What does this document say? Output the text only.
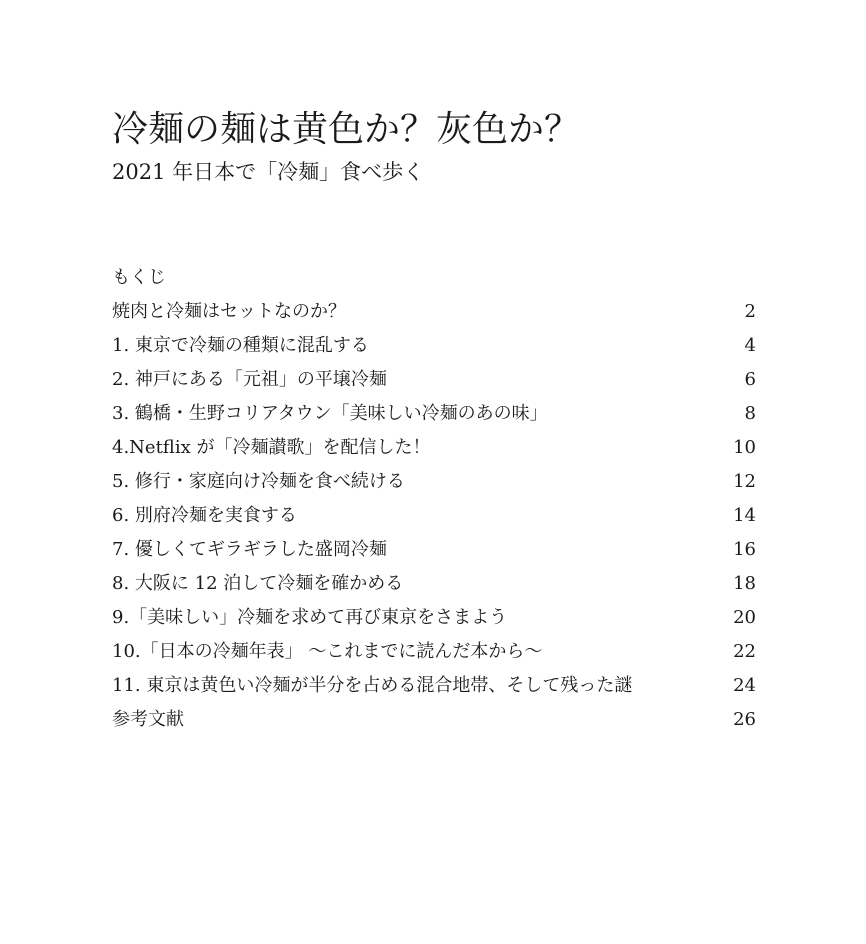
冷麺の麺は黄色か？灰色か？
2021 年日本で「冷麺」食べ歩く
もくじ
焼肉と冷麺はセットなのか？	2
1. 東京で冷麺の種類に混乱する	4
2. 神戸にある「元祖」の平壌冷麺	6
3. 鶴橋・生野コリアタウン「美味しい冷麺のあの味」	8
4.Netflix が「冷麺讃歌」を配信した！	10
5. 修行・家庭向け冷麺を食べ続ける	12
6. 別府冷麺を実食する	14
7. 優しくてギラギラした盛岡冷麺	16
8. 大阪に 12 泊して冷麺を確かめる	18
9.「美味しい」冷麺を求めて再び東京をさまよう	20
10.「日本の冷麺年表」 ～これまでに読んだ本から～	22
11. 東京は黄色い冷麺が半分を占める混合地帯、そして残った謎	24
参考文献	26
